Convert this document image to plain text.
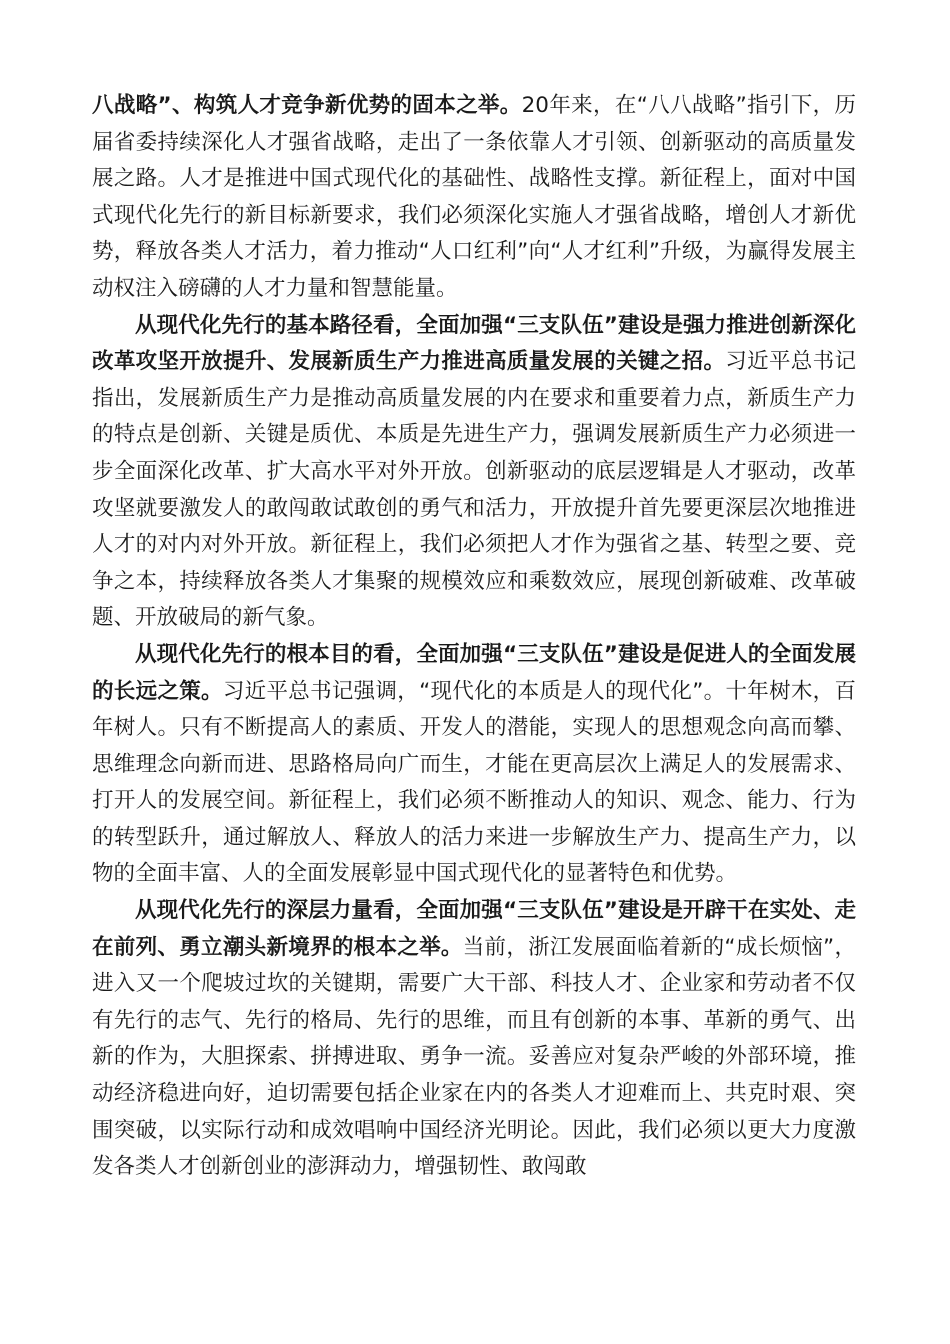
八战略”、构筑人才竞争新优势的固本之举。20年来，在“八八战略”指引下，历届省委持续深化人才强省战略，走出了一条依靠人才引领、创新驱动的高质量发展之路。人才是推进中国式现代化的基础性、战略性支撑。新征程上，面对中国式现代化先行的新目标新要求，我们必须深化实施人才强省战略，增创人才新优势，释放各类人才活力，着力推动“人口红利”向“人才红利”升级，为赢得发展主动权注入磅礴的人才力量和智慧能量。

从现代化先行的基本路径看，全面加强“三支队伍”建设是强力推进创新深化改革攻坚开放提升、发展新质生产力推进高质量发展的关键之招。习近平总书记指出，发展新质生产力是推动高质量发展的内在要求和重要着力点，新质生产力的特点是创新、关键是质优、本质是先进生产力，强调发展新质生产力必须进一步全面深化改革、扩大高水平对外开放。创新驱动的底层逻辑是人才驱动，改革攻坚就要激发人的敢闯敢试敢创的勇气和活力，开放提升首先要更深层次地推进人才的对内对外开放。新征程上，我们必须把人才作为强省之基、转型之要、竞争之本，持续释放各类人才集聚的规模效应和乘数效应，展现创新破难、改革破题、开放破局的新气象。

从现代化先行的根本目的看，全面加强“三支队伍”建设是促进人的全面发展的长远之策。习近平总书记强调，“现代化的本质是人的现代化”。十年树木，百年树人。只有不断提高人的素质、开发人的潜能，实现人的思想观念向高而攀、思维理念向新而进、思路格局向广而生，才能在更高层次上满足人的发展需求、打开人的发展空间。新征程上，我们必须不断推动人的知识、观念、能力、行为的转型跃升，通过解放人、释放人的活力来进一步解放生产力、提高生产力，以物的全面丰富、人的全面发展彰显中国式现代化的显著特色和优势。

从现代化先行的深层力量看，全面加强“三支队伍”建设是开辟干在实处、走在前列、勇立潮头新境界的根本之举。当前，浙江发展面临着新的“成长烦恼”，进入又一个爬坡过坎的关键期，需要广大干部、科技人才、企业家和劳动者不仅有先行的志气、先行的格局、先行的思维，而且有创新的本事、革新的勇气、出新的作为，大胆探索、拼搏进取、勇争一流。妥善应对复杂严峻的外部环境，推动经济稳进向好，迫切需要包括企业家在内的各类人才迎难而上、共克时艰、突围突破，以实际行动和成效唱响中国经济光明论。因此，我们必须以更大力度激发各类人才创新创业的澎湃动力，增强韧性、敢闯敢
